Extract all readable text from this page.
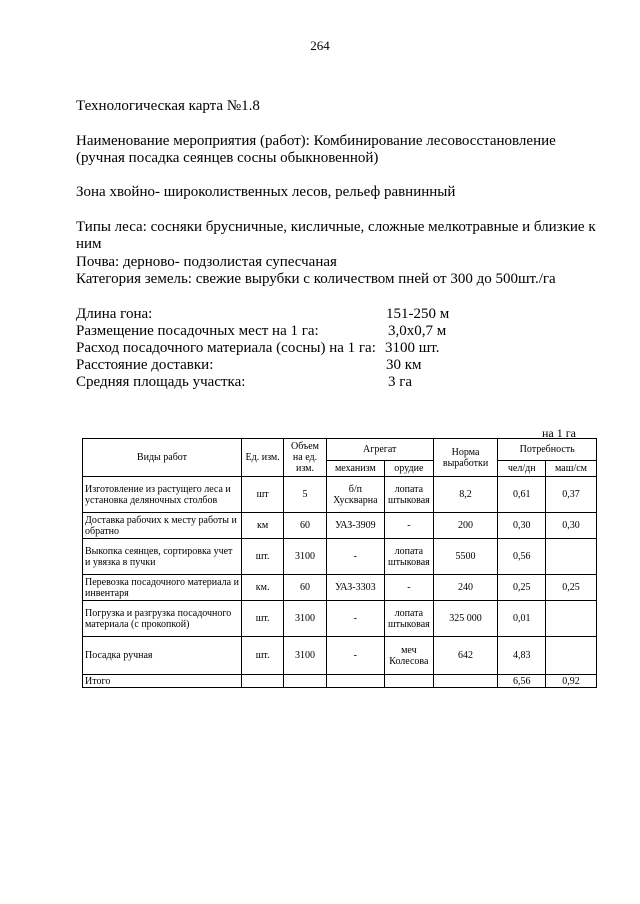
264
Технологическая карта №1.8
Наименование мероприятия (работ): Комбинирование лесовосстановление
(ручная посадка сеянцев сосны обыкновенной)
Зона хвойно- широколиственных лесов, рельеф равнинный
Типы леса: сосняки брусничные, кисличные, сложные мелкотравные и близкие к ним
Почва: дерново- подзолистая супесчаная
Категория земель: свежие вырубки с количеством пней от 300 до 500шт./га
Длина гона:	151-250 м
Размещение посадочных мест на 1 га:	3,0х0,7 м
Расход посадочного материала (сосны) на 1 га: 3100 шт.
Расстояние доставки:	30 км
Средняя площадь участка:	3 га
на 1 га
Виды работ	Ед. изм.	Объем на ед. изм.	Агрегат		Норма выработки	Потребность	
			механизм	орудие		чел/дн	маш/см
Изготовление из растущего леса и установка деляночных столбов	шт	5	б/п Хускварна	лопата штыковая	8,2	0,61	0,37
Доставка рабочих к месту работы и обратно	км	60	УАЗ-3909	-	200	0,30	0,30
Выкопка сеянцев, сортировка учет и увязка в пучки	шт.	3100	-	лопата штыковая	5500	0,56	
Перевозка посадочного материала и инвентаря	км.	60	УАЗ-3303	-	240	0,25	0,25
Погрузка и разгрузка посадочного материала (с прокопкой)	шт.	3100	-	лопата штыковая	325 000	0,01	
Посадка ручная	шт.	3100	-	меч Колесова	642	4,83	
Итого						6,56	0,92
